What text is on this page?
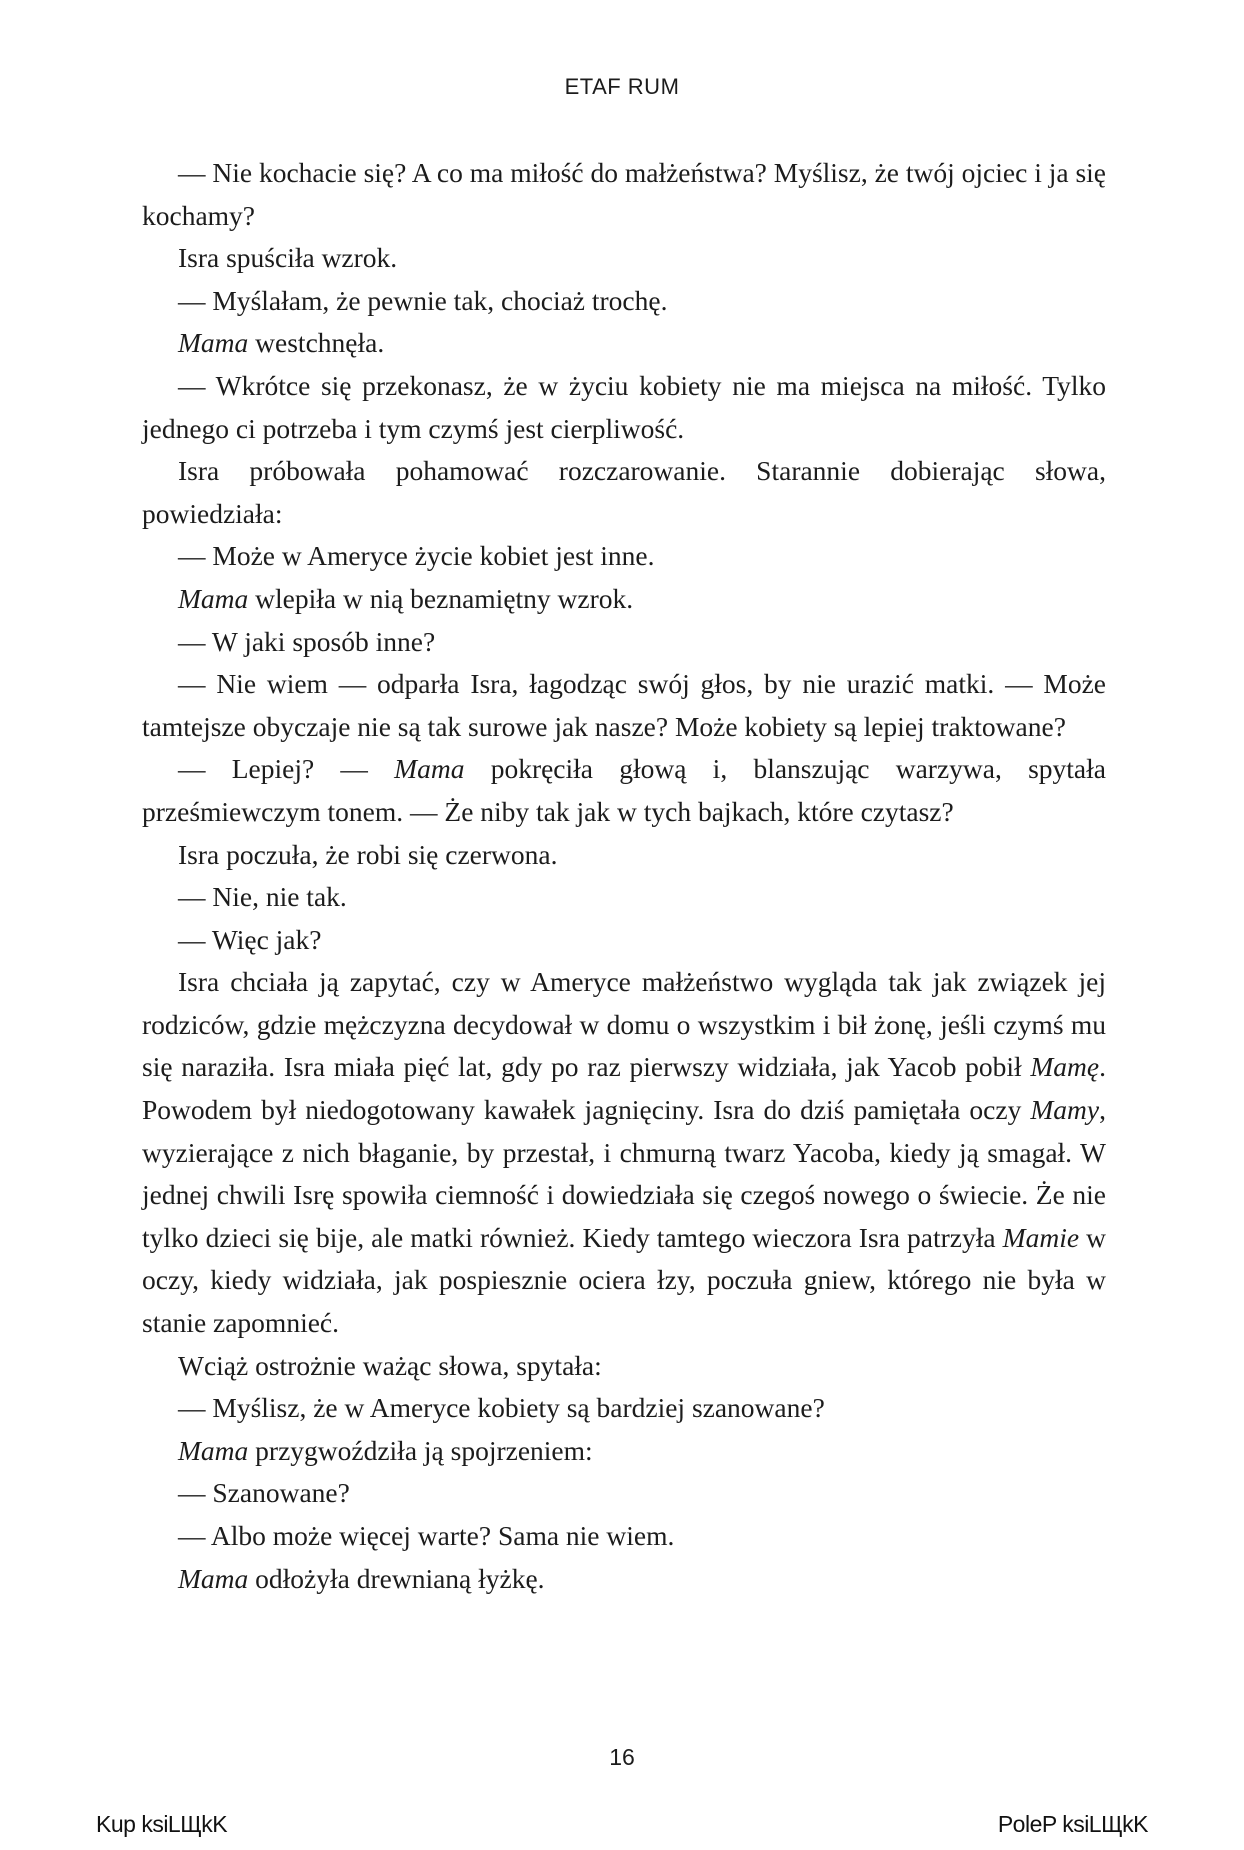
ETAF RUM

— Nie kochacie się? A co ma miłość do małżeństwa? Myślisz, że twój ojciec i ja się kochamy?

Isra spuściła wzrok.

— Myślałam, że pewnie tak, chociaż trochę.

Mama westchnęła.

— Wkrótce się przekonasz, że w życiu kobiety nie ma miejsca na miłość. Tylko jednego ci potrzeba i tym czymś jest cierpliwość.

Isra próbowała pohamować rozczarowanie. Starannie dobierając słowa, powiedziała:

— Może w Ameryce życie kobiet jest inne.

Mama wlepiła w nią beznamiętny wzrok.

— W jaki sposób inne?

— Nie wiem — odparła Isra, łagodząc swój głos, by nie urazić matki. — Może tamtejsze obyczaje nie są tak surowe jak nasze? Może kobiety są lepiej traktowane?

— Lepiej? — Mama pokręciła głową i, blanszując warzywa, spytała prześmiewczym tonem. — Że niby tak jak w tych bajkach, które czytasz?

Isra poczuła, że robi się czerwona.

— Nie, nie tak.

— Więc jak?

Isra chciała ją zapytać, czy w Ameryce małżeństwo wygląda tak jak związek jej rodziców, gdzie mężczyzna decydował w domu o wszystkim i bił żonę, jeśli czymś mu się naraziła. Isra miała pięć lat, gdy po raz pierwszy widziała, jak Yacob pobił Mamę. Powodem był niedogotowany kawałek jagnięciny. Isra do dziś pamiętała oczy Mamy, wyzierające z nich błaganie, by przestał, i chmurną twarz Yacoba, kiedy ją smagał. W jednej chwili Isrę spowiła ciemność i dowiedziała się czegoś nowego o świecie. Że nie tylko dzieci się bije, ale matki również. Kiedy tamtego wieczora Isra patrzyła Mamie w oczy, kiedy widziała, jak pospiesznie ociera łzy, poczuła gniew, którego nie była w stanie zapomnieć.

Wciąż ostrożnie ważąc słowa, spytała:

— Myślisz, że w Ameryce kobiety są bardziej szanowane?

Mama przygwoździła ją spojrzeniem:

— Szanowane?

— Albo może więcej warte? Sama nie wiem.

Mama odłożyła drewnianą łyżkę.

16
Kup ksiLЩkK	PoleP ksiLЩkK
